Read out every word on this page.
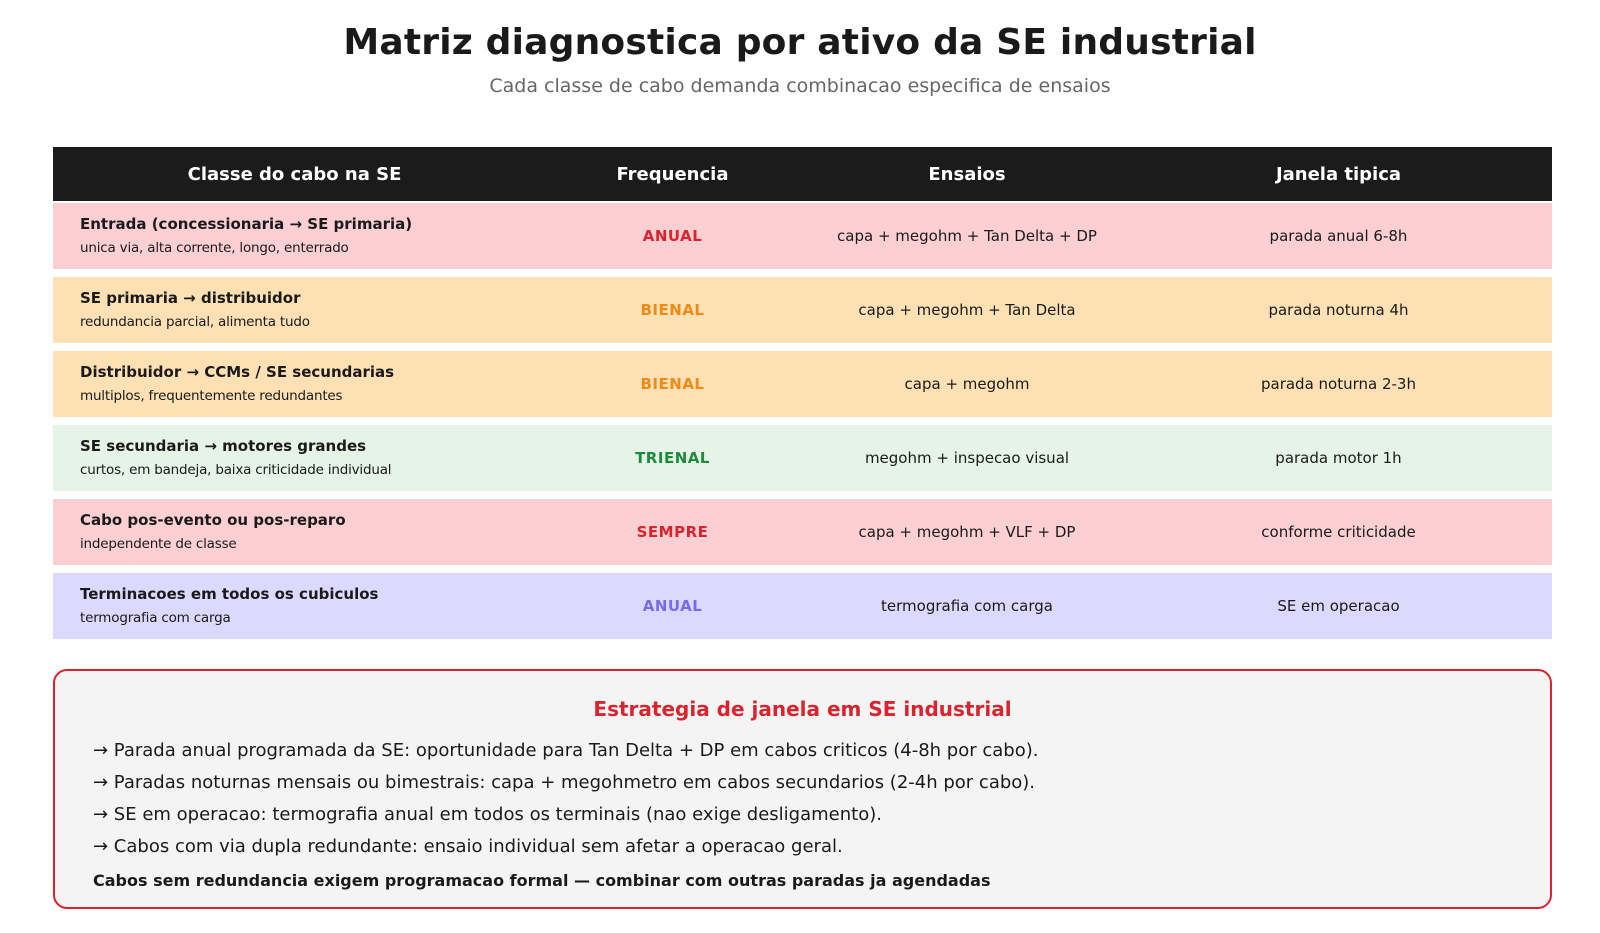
Matriz diagnostica por ativo da SE industrial
Cada classe de cabo demanda combinacao especifica de ensaios
Classe do cabo na SE	Frequencia	Ensaios	Janela tipica
Entrada (concessionaria → SE primaria)
unica via, alta corrente, longo, enterrado
ANUAL	capa + megohm + Tan Delta + DP	parada anual 6-8h
SE primaria → distribuidor
redundancia parcial, alimenta tudo
BIENAL	capa + megohm + Tan Delta	parada noturna 4h
Distribuidor → CCMs / SE secundarias
multiplos, frequentemente redundantes
BIENAL	capa + megohm	parada noturna 2-3h
SE secundaria → motores grandes
curtos, em bandeja, baixa criticidade individual
TRIENAL	megohm + inspecao visual	parada motor 1h
Cabo pos-evento ou pos-reparo
independente de classe
SEMPRE	capa + megohm + VLF + DP	conforme criticidade
Terminacoes em todos os cubiculos
termografia com carga
ANUAL	termografia com carga	SE em operacao
Estrategia de janela em SE industrial
→ Parada anual programada da SE: oportunidade para Tan Delta + DP em cabos criticos (4-8h por cabo).
→ Paradas noturnas mensais ou bimestrais: capa + megohmetro em cabos secundarios (2-4h por cabo).
→ SE em operacao: termografia anual em todos os terminais (nao exige desligamento).
→ Cabos com via dupla redundante: ensaio individual sem afetar a operacao geral.
Cabos sem redundancia exigem programacao formal — combinar com outras paradas ja agendadas
